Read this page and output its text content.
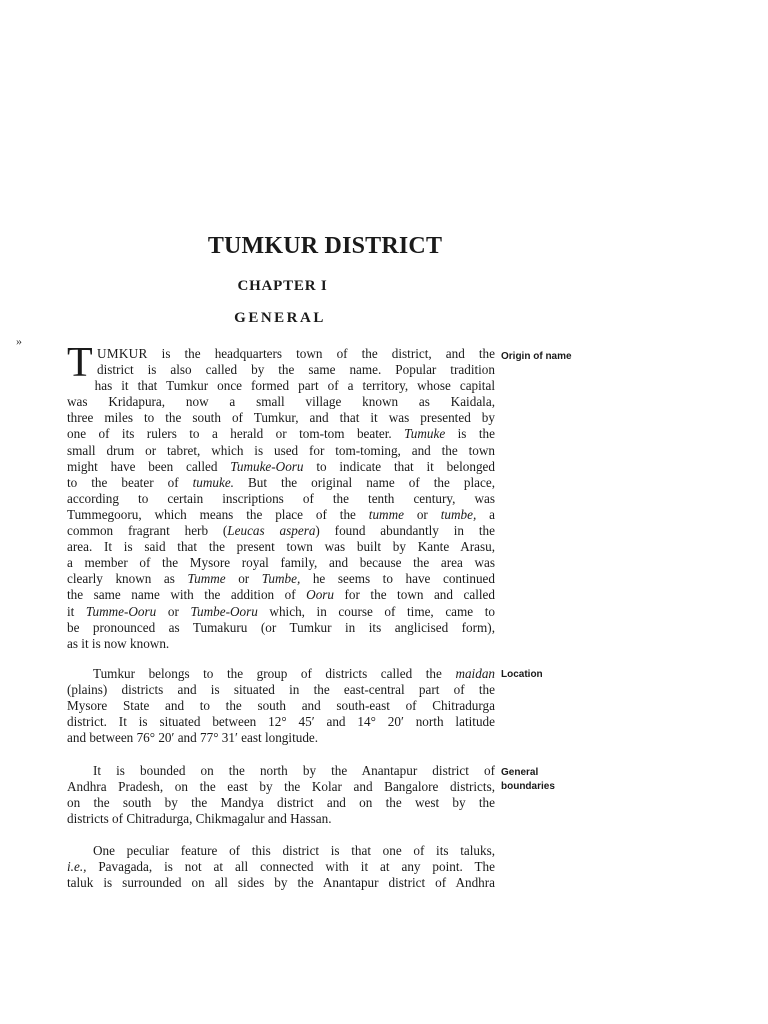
TUMKUR DISTRICT
CHAPTER I
GENERAL
» T UMKUR is the headquarters town of the district, and the
district is also called by the same name. Popular tradition
has it that Tumkur once formed part of a territory, whose capital
was Kridapura, now a small village known as Kaidala,
three miles to the south of Tumkur, and that it was presented by
one of its rulers to a herald or tom-tom beater. Tumuke is the
small drum or tabret, which is used for tom-toming, and the town
might have been called Tumuke-Ooru to indicate that it belonged
to the beater of tumuke. But the original name of the place,
according to certain inscriptions of the tenth century, was
Tummegooru, which means the place of the tumme or tumbe, a
common fragrant herb (Leucas aspera) found abundantly in the
area. It is said that the present town was built by Kante Arasu,
a member of the Mysore royal family, and because the area was
clearly known as Tumme or Tumbe, he seems to have continued
the same name with the addition of Ooru for the town and called
it Tumme-Ooru or Tumbe-Ooru which, in course of time, came to
be pronounced as Tumakuru (or Tumkur in its anglicised form),
as it is now known.
Tumkur belongs to the group of districts called the maidan
(plains) districts and is situated in the east-central part of the
Mysore State and to the south and south-east of Chitradurga
district. It is situated between 12° 45′ and 14° 20′ north latitude
and between 76° 20′ and 77° 31′ east longitude.
It is bounded on the north by the Anantapur district of
Andhra Pradesh, on the east by the Kolar and Bangalore districts,
on the south by the Mandya district and on the west by the
districts of Chitradurga, Chikmagalur and Hassan.
One peculiar feature of this district is that one of its taluks,
i.e., Pavagada, is not at all connected with it at any point. The
taluk is surrounded on all sides by the Anantapur district of Andhra

Origin of name

Location

General
boundaries
